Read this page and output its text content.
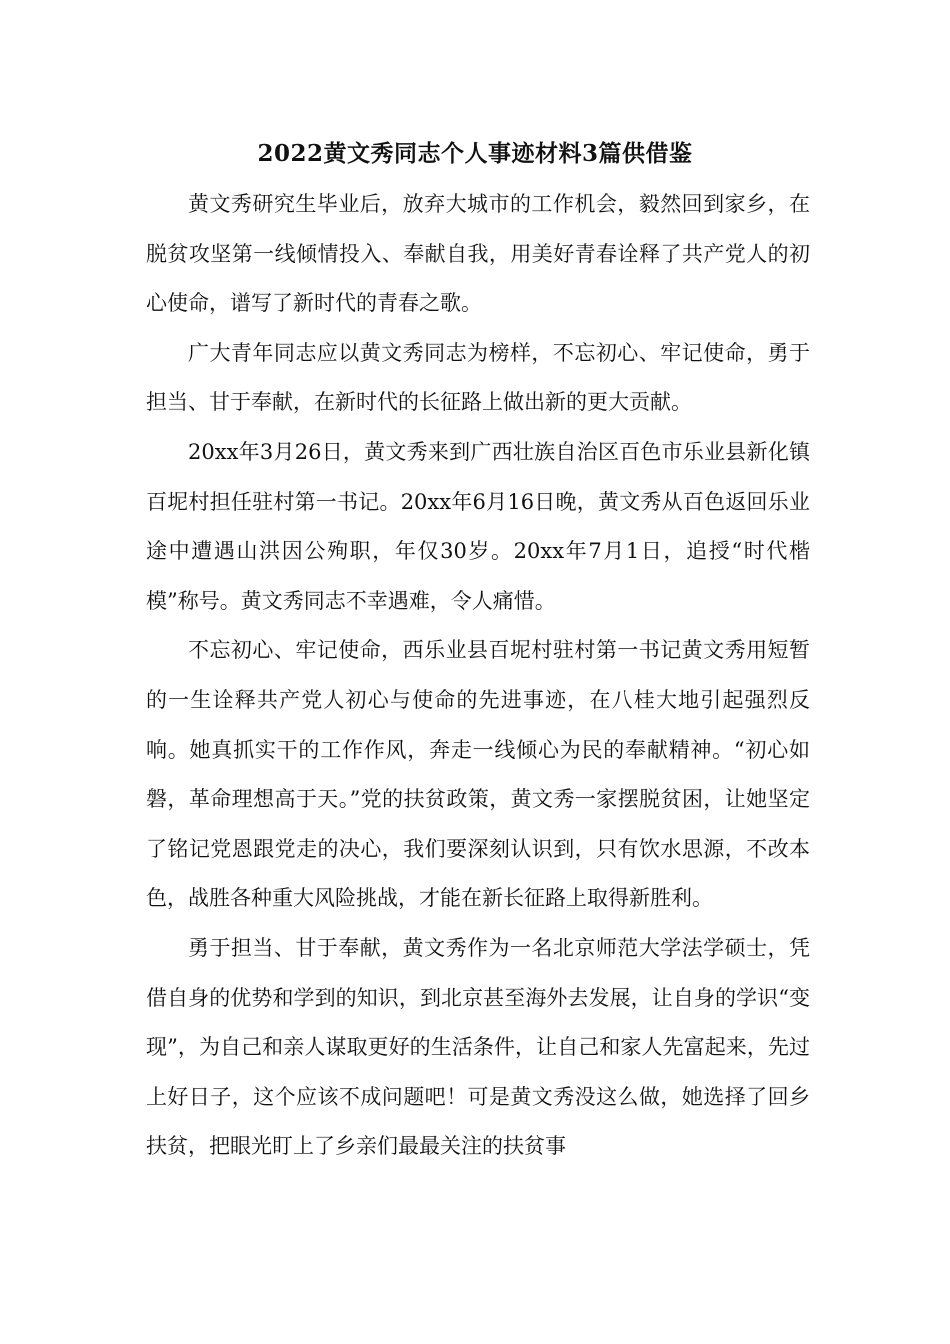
2022黄文秀同志个人事迹材料3篇供借鉴

黄文秀研究生毕业后，放弃大城市的工作机会，毅然回到家乡，在脱贫攻坚第一线倾情投入、奉献自我，用美好青春诠释了共产党人的初心使命，谱写了新时代的青春之歌。

广大青年同志应以黄文秀同志为榜样，不忘初心、牢记使命，勇于担当、甘于奉献，在新时代的长征路上做出新的更大贡献。

20xx年3月26日，黄文秀来到广西壮族自治区百色市乐业县新化镇百坭村担任驻村第一书记。20xx年6月16日晚，黄文秀从百色返回乐业途中遭遇山洪因公殉职，年仅30岁。20xx年7月1日，追授“时代楷模”称号。黄文秀同志不幸遇难，令人痛惜。

不忘初心、牢记使命，西乐业县百坭村驻村第一书记黄文秀用短暂的一生诠释共产党人初心与使命的先进事迹，在八桂大地引起强烈反响。她真抓实干的工作作风，奔走一线倾心为民的奉献精神。“初心如磐，革命理想高于天。”党的扶贫政策，黄文秀一家摆脱贫困，让她坚定了铭记党恩跟党走的决心，我们要深刻认识到，只有饮水思源，不改本色，战胜各种重大风险挑战，才能在新长征路上取得新胜利。

勇于担当、甘于奉献，黄文秀作为一名北京师范大学法学硕士，凭借自身的优势和学到的知识，到北京甚至海外去发展，让自身的学识“变现”，为自己和亲人谋取更好的生活条件，让自己和家人先富起来，先过上好日子，这个应该不成问题吧！可是黄文秀没这么做，她选择了回乡扶贫，把眼光盯上了乡亲们最最关注的扶贫事
